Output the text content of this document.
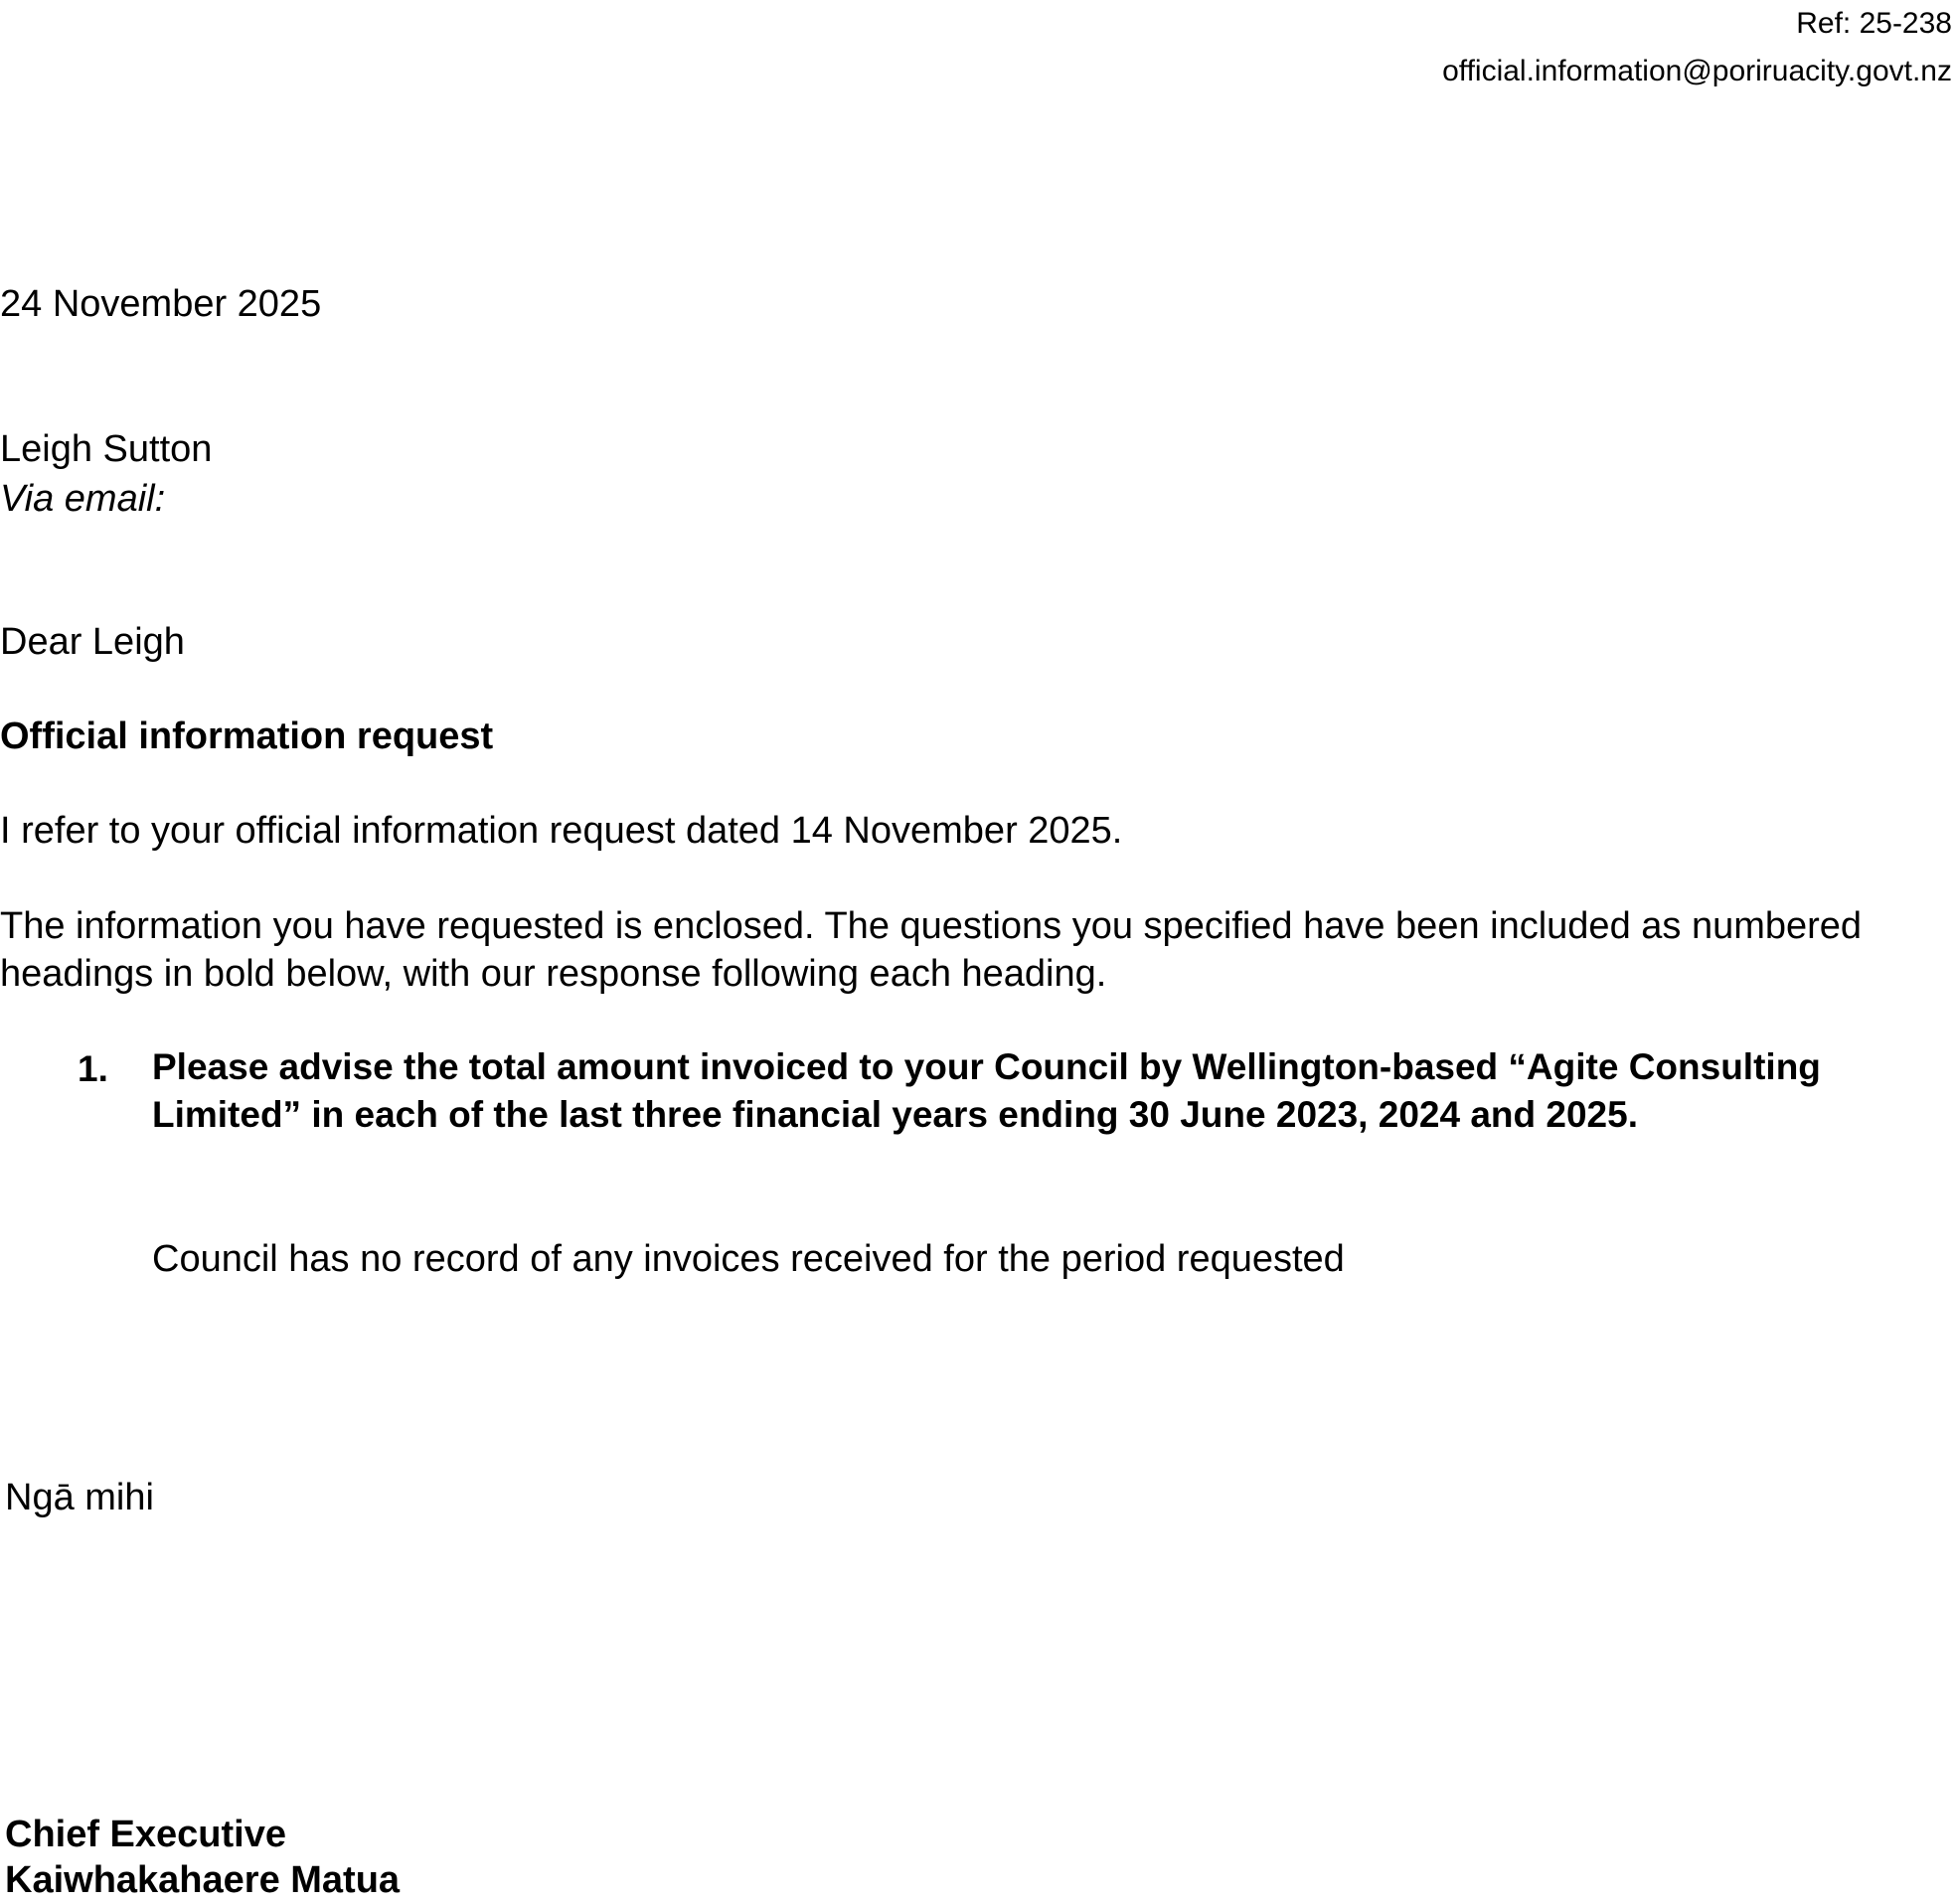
Ref: 25-238
official.information@poriruacity.govt.nz
24 November 2025
Leigh Sutton
Via email:
Dear Leigh
Official information request
I refer to your official information request dated 14 November 2025.
The information you have requested is enclosed. The questions you specified have been included as numbered headings in bold below, with our response following each heading.
1. Please advise the total amount invoiced to your Council by Wellington-based “Agite Consulting Limited” in each of the last three financial years ending 30 June 2023, 2024 and 2025.
Council has no record of any invoices received for the period requested
Ngā mihi
Chief Executive
Kaiwhakahaere Matua
